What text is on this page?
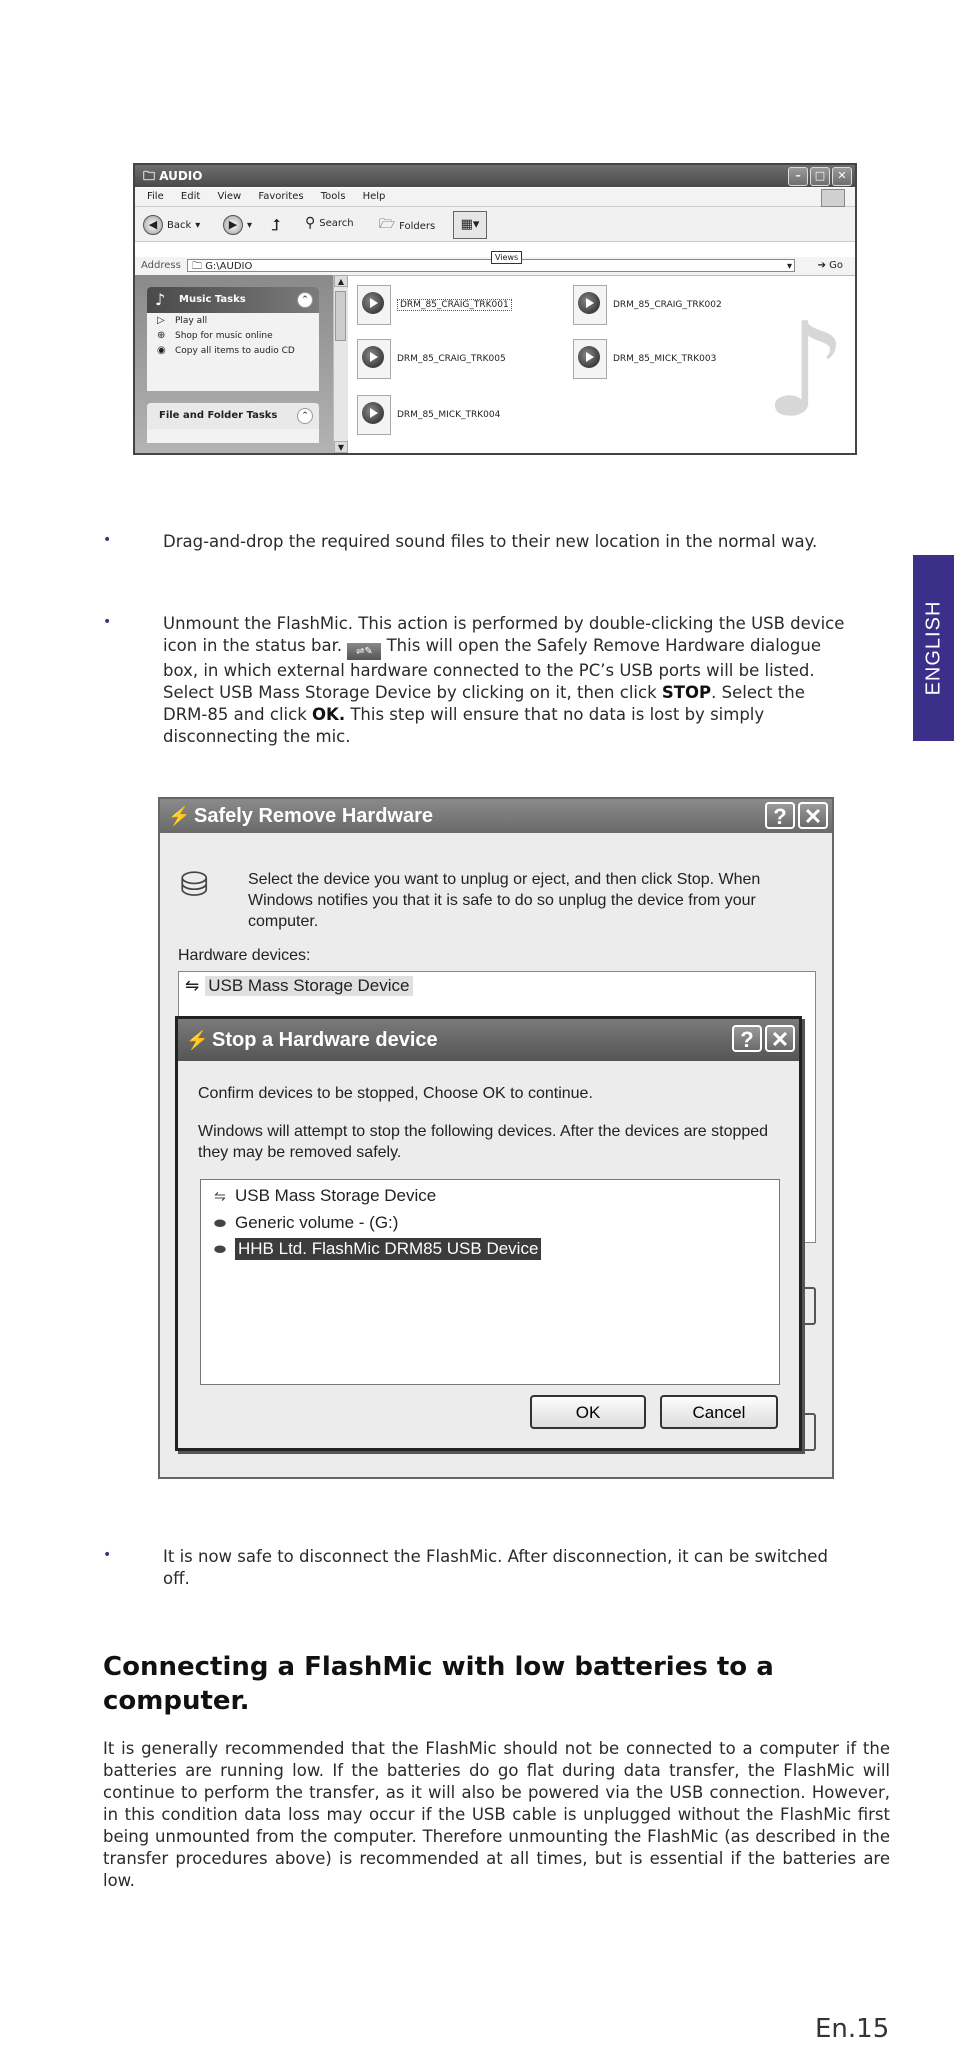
🗀 AUDIO	–	□	✕
File Edit View Favorites Tools Help
◀ Back ▾	▶ ▾ ⮥ ⚲ Search 🗁 Folders	▦▾
Views
Address	🗀 G:\AUDIO	▾	➔ Go
♪ Music Tasks	⌃
▷ Play all
⊕ Shop for music online
◉ Copy all items to audio CD
File and Folder Tasks	⌃
▲
▼
♪
DRM_85_CRAIG_TRK001	DRM_85_CRAIG_TRK002
DRM_85_CRAIG_TRK005	DRM_85_MICK_TRK003
DRM_85_MICK_TRK004
•	Drag-and-drop the required sound files to their new location in the normal way.
•	Unmount the FlashMic. This action is performed by double-clicking the USB device icon in the status bar. ⇌✎ This will open the Safely Remove Hardware dialogue box, in which external hardware connected to the PC’s USB ports will be listed. Select USB Mass Storage Device by clicking on it, then click STOP. Select the DRM-85 and click OK. This step will ensure that no data is lost by simply disconnecting the mic.
ENGLISH
⚡ Safely Remove Hardware	? ✕
⛁ Select the device you want to unplug or eject, and then click Stop. When Windows notifies you that it is safe to do so unplug the device from your computer.
Hardware devices:
⇋ USB Mass Storage Device
⚡ Stop a Hardware device	? ✕
Confirm devices to be stopped, Choose OK to continue.
Windows will attempt to stop the following devices. After the devices are stopped they may be removed safely.
⇋ USB Mass Storage Device
⬬ Generic volume - (G:)
⬬ HHB Ltd. FlashMic DRM85 USB Device
OK	Cancel
•	It is now safe to disconnect the FlashMic. After disconnection, it can be switched off.
Connecting a FlashMic with low batteries to a computer.
It is generally recommended that the FlashMic should not be connected to a computer if the batteries are running low. If the batteries do go flat during data transfer, the FlashMic will continue to perform the transfer, as it will also be powered via the USB connection. However, in this condition data loss may occur if the USB cable is unplugged without the FlashMic first being unmounted from the computer. Therefore unmounting the FlashMic (as described in the transfer procedures above) is recommended at all times, but is essential if the batteries are low.
En.15
